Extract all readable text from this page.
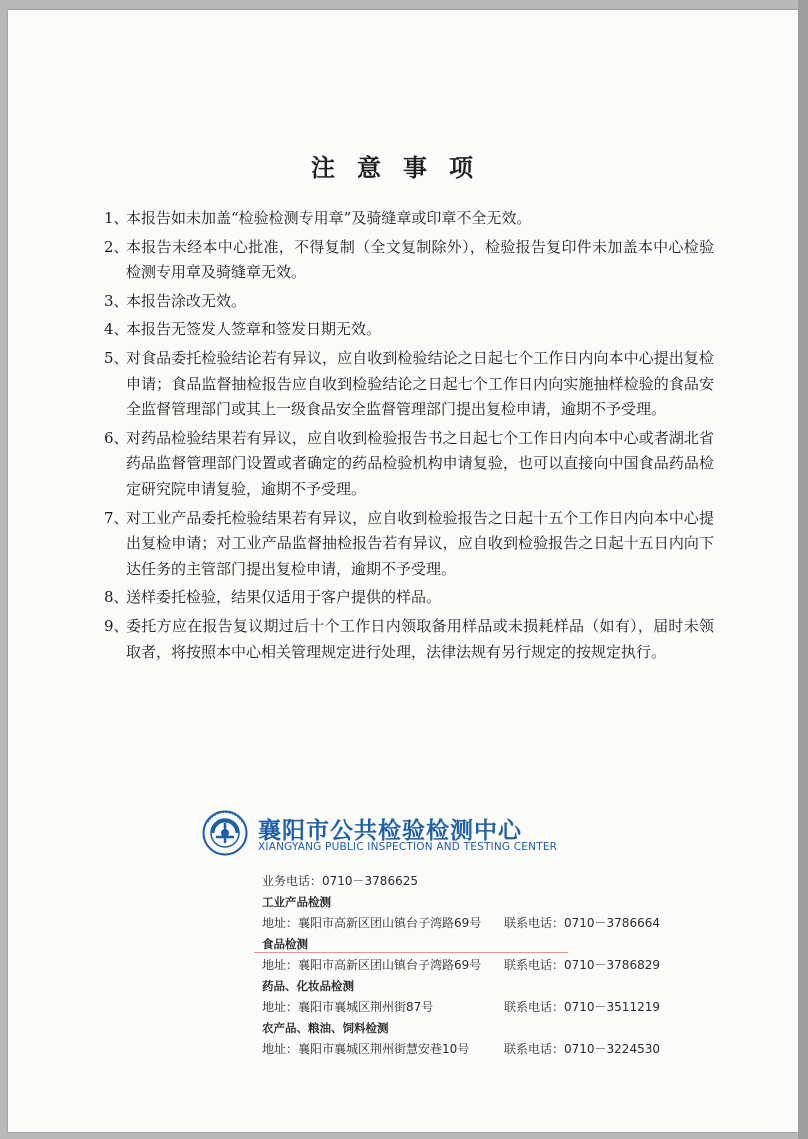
注意事项
1、
本报告如未加盖“检验检测专用章”及骑缝章或印章不全无效。
2、
本报告未经本中心批准，不得复制（全文复制除外），检验报告复印件未加盖本中心检验检测专用章及骑缝章无效。
3、
本报告涂改无效。
4、
本报告无签发人签章和签发日期无效。
5、
对食品委托检验结论若有异议，应自收到检验结论之日起七个工作日内向本中心提出复检申请；食品监督抽检报告应自收到检验结论之日起七个工作日内向实施抽样检验的食品安全监督管理部门或其上一级食品安全监督管理部门提出复检申请，逾期不予受理。
6、
对药品检验结果若有异议，应自收到检验报告书之日起七个工作日内向本中心或者湖北省药品监督管理部门设置或者确定的药品检验机构申请复验，也可以直接向中国食品药品检定研究院申请复验，逾期不予受理。
7、
对工业产品委托检验结果若有异议，应自收到检验报告之日起十五个工作日内向本中心提出复检申请；对工业产品监督抽检报告若有异议，应自收到检验报告之日起十五日内向下达任务的主管部门提出复检申请，逾期不予受理。
8、
送样委托检验，结果仅适用于客户提供的样品。
9、
委托方应在报告复议期过后十个工作日内领取备用样品或未损耗样品（如有），届时未领取者，将按照本中心相关管理规定进行处理，法律法规有另行规定的按规定执行。
襄阳市公共检验检测中心
XIANGYANG PUBLIC INSPECTION AND TESTING CENTER
业务电话：0710－3786625
工业产品检测
地址：襄阳市高新区团山镇台子湾路69号 联系电话：0710－3786664
食品检测
地址：襄阳市高新区团山镇台子湾路69号 联系电话：0710－3786829
药品、化妆品检测
地址：襄阳市襄城区荆州街87号	联系电话：0710－3511219
农产品、粮油、饲料检测
地址：襄阳市襄城区荆州街慧安巷10号	联系电话：0710－3224530
